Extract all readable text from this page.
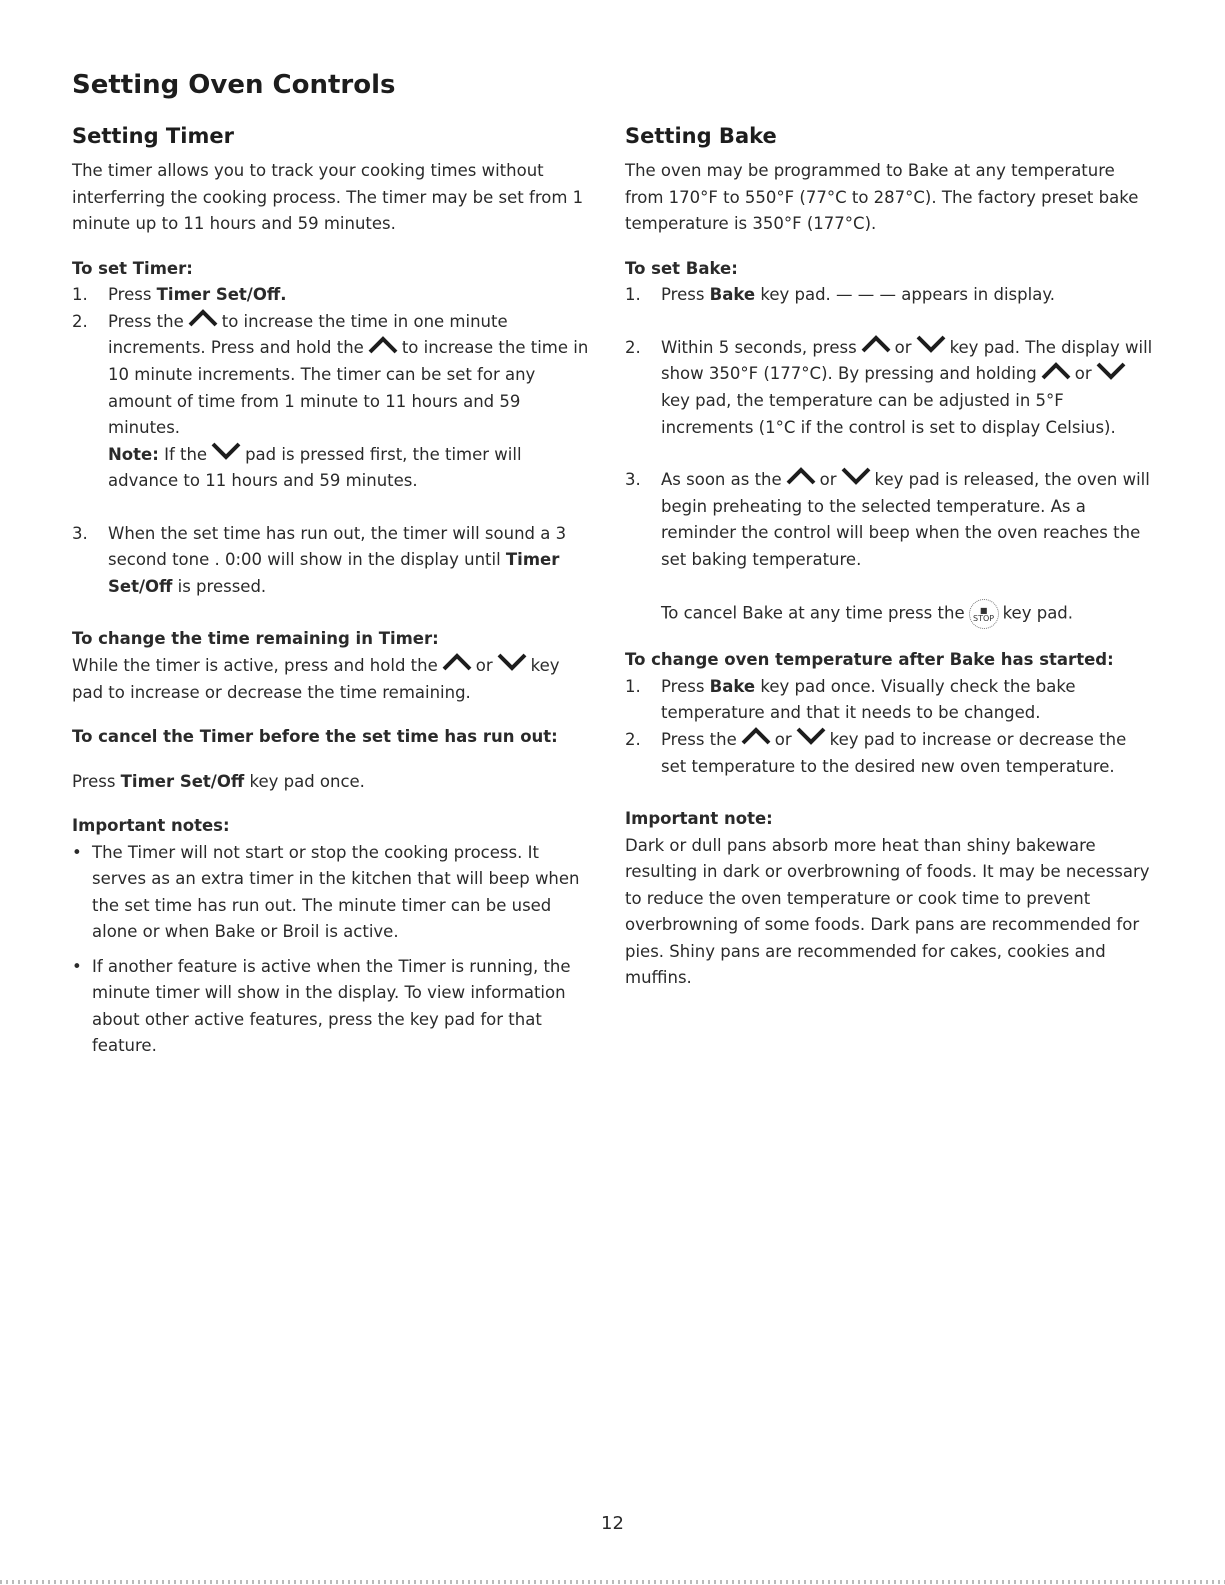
Setting Oven Controls
Setting Timer

The timer allows you to track your cooking times without interferring the cooking process. The timer may be set from 1 minute up to 11 hours and 59 minutes.

To set Timer:

1. Press Timer Set/Off.
2. Press the to increase the time in one minute increments. Press and hold the to increase the time in 10 minute increments. The timer can be set for any amount of time from 1 minute to 11 hours and 59 minutes.
Note: If the pad is pressed first, the timer will advance to 11 hours and 59 minutes.
3. When the set time has run out, the timer will sound a 3 second tone . 0:00 will show in the display until Timer Set/Off is pressed.

To change the time remaining in Timer:

While the timer is active, press and hold the or key pad to increase or decrease the time remaining.

To cancel the Timer before the set time has run out:

Press Timer Set/Off key pad once.

Important notes:

• The Timer will not start or stop the cooking process. It serves as an extra timer in the kitchen that will beep when the set time has run out. The minute timer can be used alone or when Bake or Broil is active.
• If another feature is active when the Timer is running, the minute timer will show in the display. To view information about other active features, press the key pad for that feature.
Setting Bake

The oven may be programmed to Bake at any temperature from 170°F to 550°F (77°C to 287°C). The factory preset bake temperature is 350°F (177°C).

To set Bake:

1. Press Bake key pad. — — — appears in display.
2. Within 5 seconds, press or key pad. The display will show 350°F (177°C). By pressing and holding orkey pad, the temperature can be adjusted in 5°F increments (1°C if the control is set to display Celsius).
3. As soon as the or key pad is released, the oven will begin preheating to the selected temperature. As a reminder the control will beep when the oven reaches the set baking temperature.

To cancel Bake at any time press the ■
STOP key pad.

To change oven temperature after Bake has started:

1. Press Bake key pad once. Visually check the bake temperature and that it needs to be changed.
2. Press the or key pad to increase or decrease the set temperature to the desired new oven temperature.

Important note:

Dark or dull pans absorb more heat than shiny bakeware resulting in dark or overbrowning of foods. It may be necessary to reduce the oven temperature or cook time to prevent overbrowning of some foods. Dark pans are recommended for pies. Shiny pans are recommended for cakes, cookies and muffins.

12
